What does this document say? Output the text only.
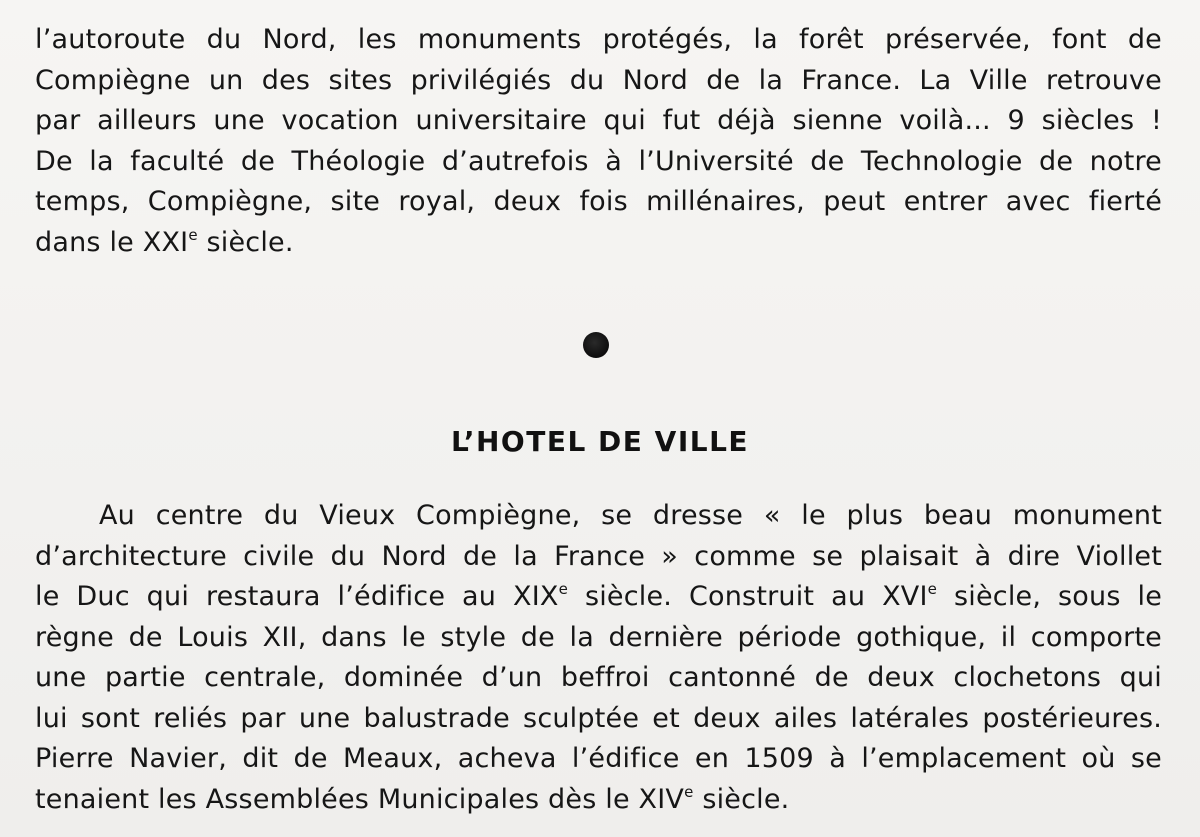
l’autoroute du Nord, les monuments protégés, la forêt préservée, font de
Compiègne un des sites privilégiés du Nord de la France. La Ville retrouve
par ailleurs une vocation universitaire qui fut déjà sienne voilà... 9 siècles !
De la faculté de Théologie d’autrefois à l’Université de Technologie de notre
temps, Compiègne, site royal, deux fois millénaires, peut entrer avec fierté
dans le XXIe siècle.

L’HOTEL DE VILLE

Au centre du Vieux Compiègne, se dresse « le plus beau monument
d’architecture civile du Nord de la France » comme se plaisait à dire Viollet
le Duc qui restaura l’édifice au XIXe siècle. Construit au XVIe siècle, sous le
règne de Louis XII, dans le style de la dernière période gothique, il comporte
une partie centrale, dominée d’un beffroi cantonné de deux clochetons qui
lui sont reliés par une balustrade sculptée et deux ailes latérales postérieures.
Pierre Navier, dit de Meaux, acheva l’édifice en 1509 à l’emplacement où se
tenaient les Assemblées Municipales dès le XIVe siècle.
